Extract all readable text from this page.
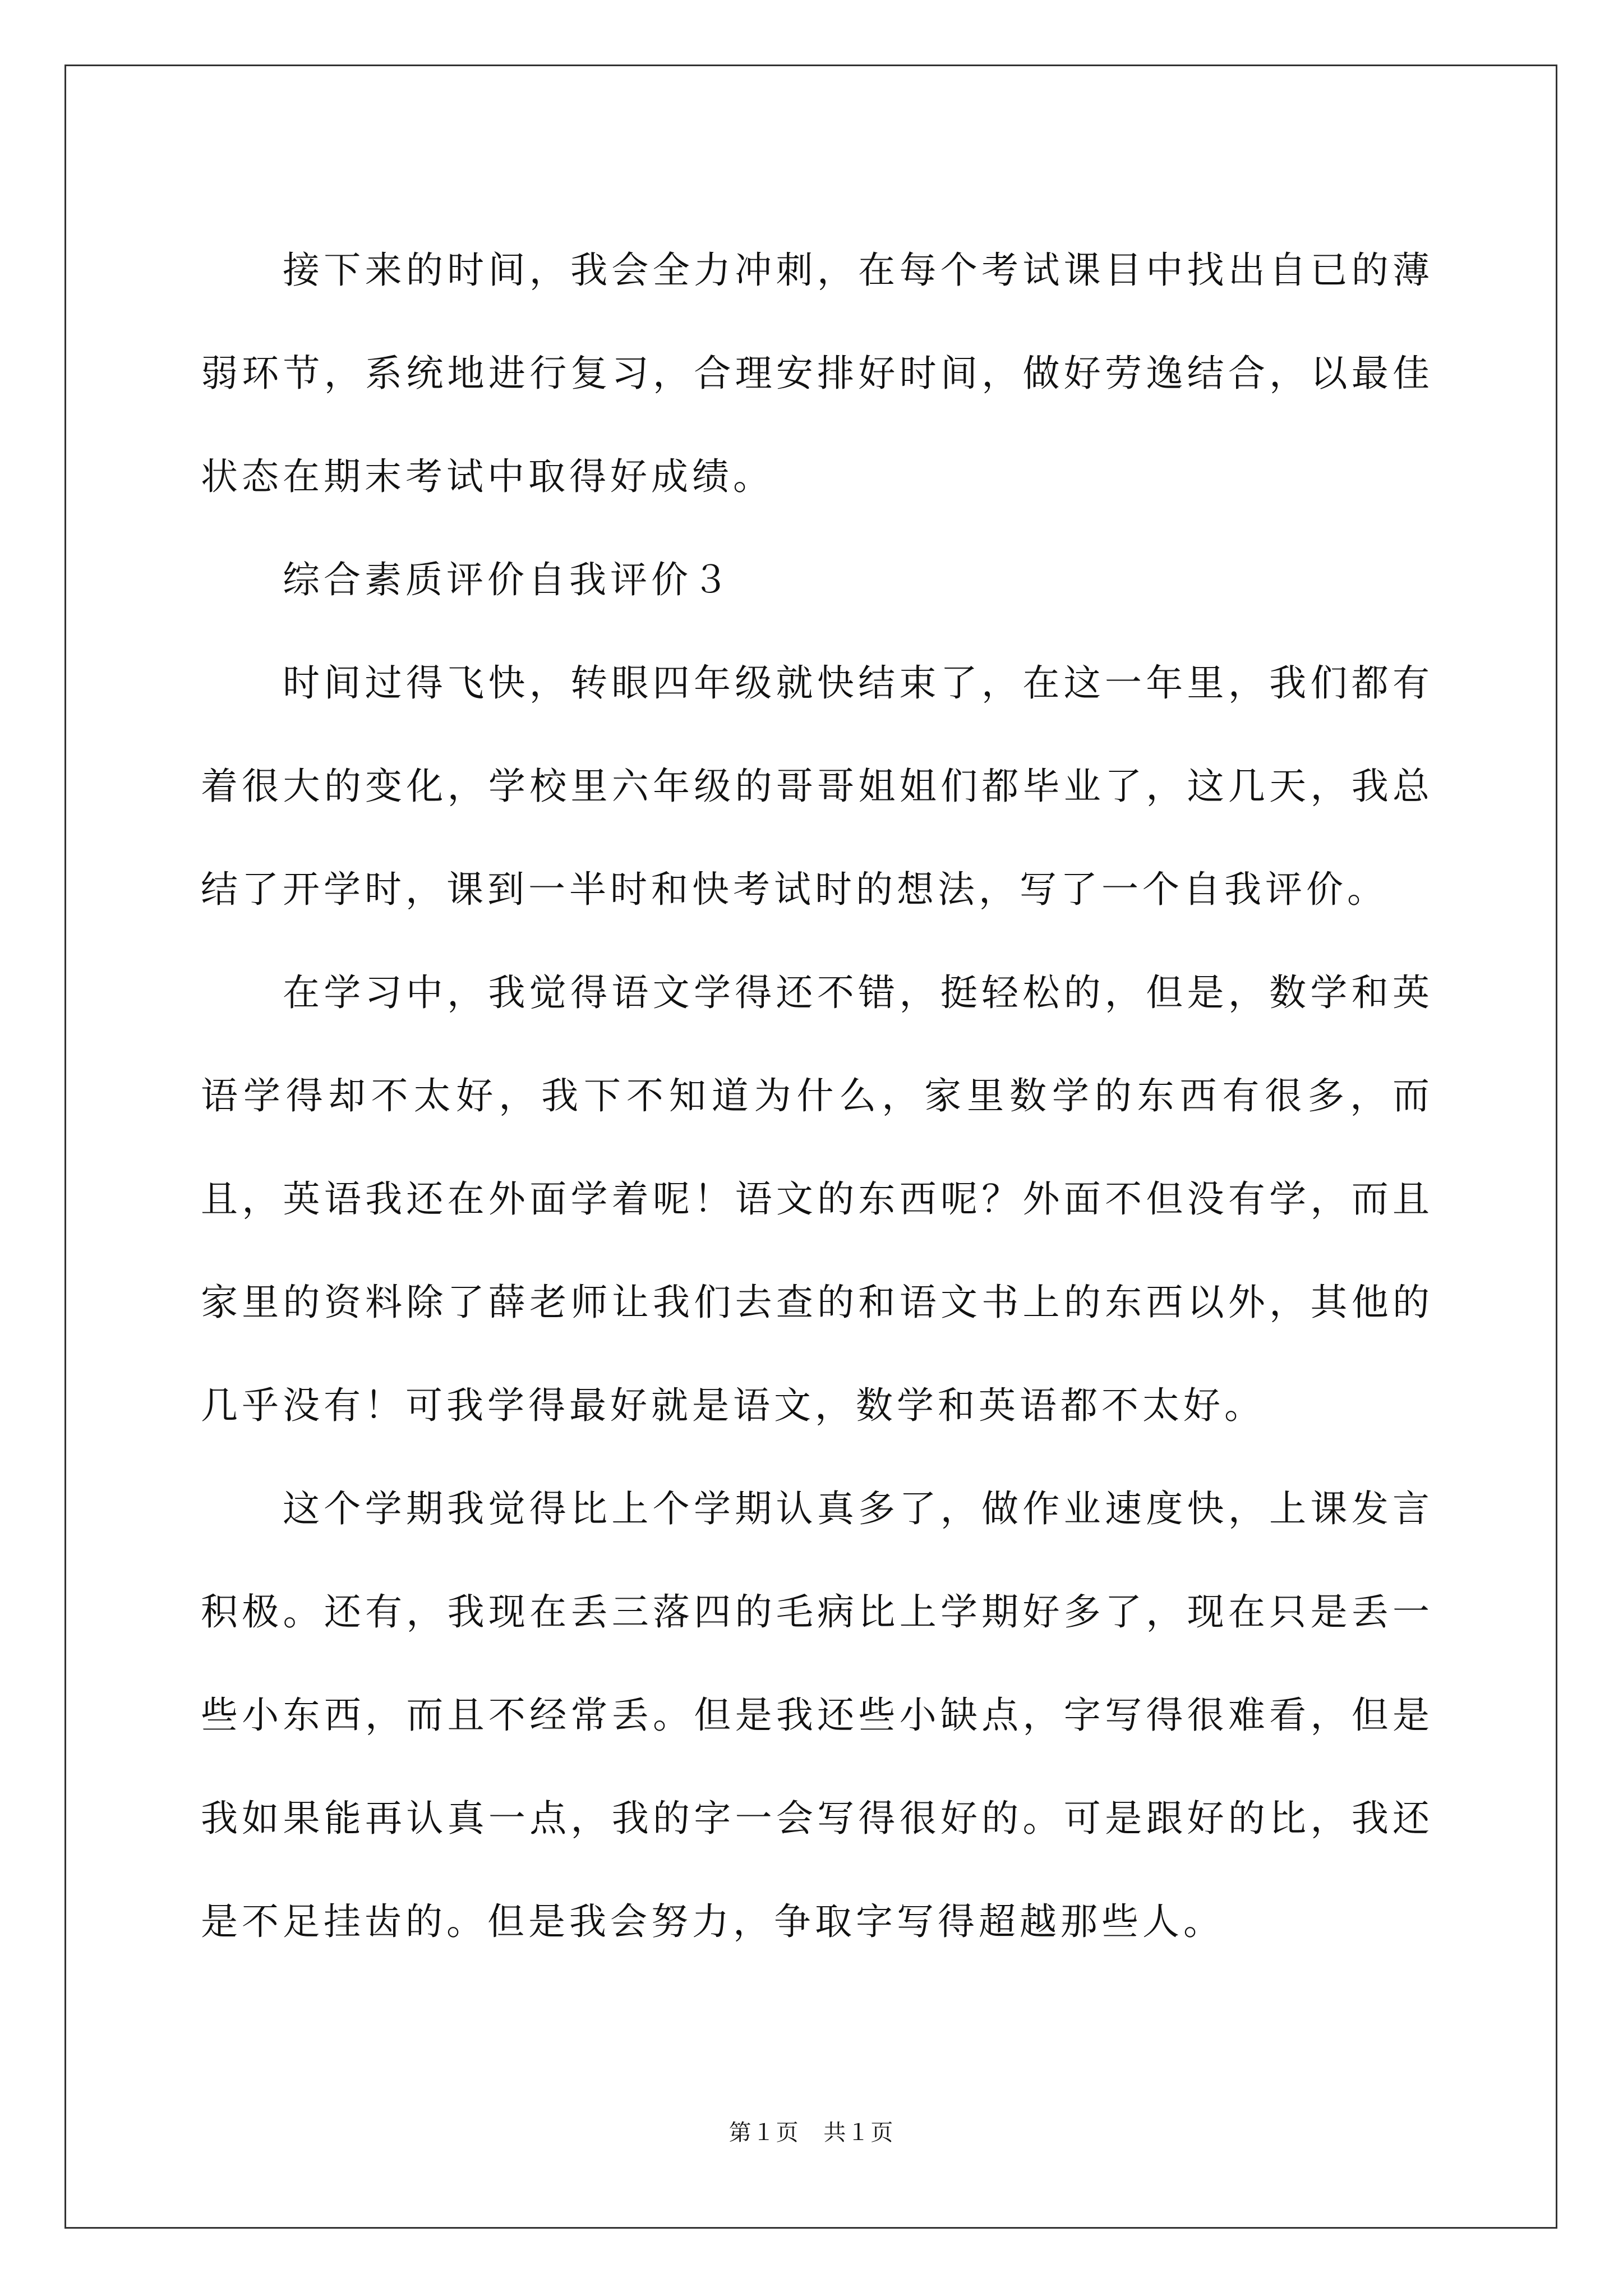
接下来的时间，我会全力冲刺，在每个考试课目中找出自已的薄弱环节，系统地进行复习，合理安排好时间，做好劳逸结合，以最佳状态在期末考试中取得好成绩。

综合素质评价自我评价３

时间过得飞快，转眼四年级就快结束了，在这一年里，我们都有着很大的变化，学校里六年级的哥哥姐姐们都毕业了，这几天，我总结了开学时，课到一半时和快考试时的想法，写了一个自我评价。

在学习中，我觉得语文学得还不错，挺轻松的，但是，数学和英语学得却不太好，我下不知道为什么，家里数学的东西有很多，而且，英语我还在外面学着呢！语文的东西呢？外面不但没有学，而且家里的资料除了薛老师让我们去查的和语文书上的东西以外，其他的几乎没有！可我学得最好就是语文，数学和英语都不太好。

这个学期我觉得比上个学期认真多了，做作业速度快，上课发言积极。还有，我现在丢三落四的毛病比上学期好多了，现在只是丢一些小东西，而且不经常丢。但是我还些小缺点，字写得很难看，但是我如果能再认真一点，我的字一会写得很好的。可是跟好的比，我还是不足挂齿的。但是我会努力，争取字写得超越那些人。

第１页 共１页
